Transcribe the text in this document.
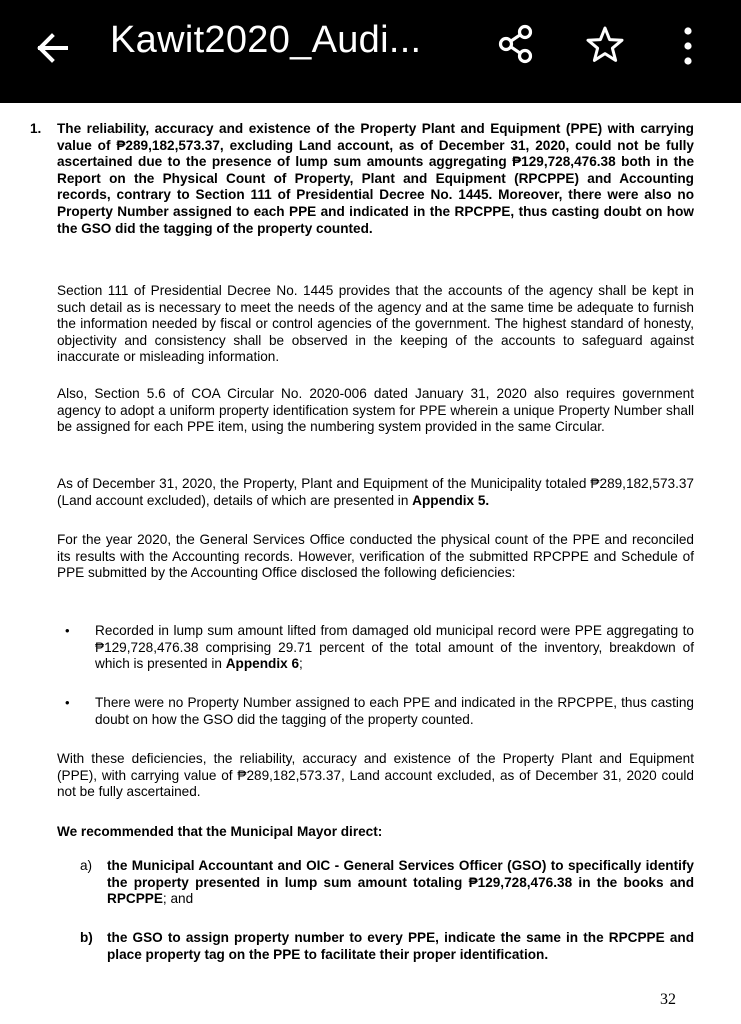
Kawit2020_Audi...
1. The reliability, accuracy and existence of the Property Plant and Equipment (PPE) with carrying value of ₱289,182,573.37, excluding Land account, as of December 31, 2020, could not be fully ascertained due to the presence of lump sum amounts aggregating ₱129,728,476.38 both in the Report on the Physical Count of Property, Plant and Equipment (RPCPPE) and Accounting records, contrary to Section 111 of Presidential Decree No. 1445. Moreover, there were also no Property Number assigned to each PPE and indicated in the RPCPPE, thus casting doubt on how the GSO did the tagging of the property counted.
Section 111 of Presidential Decree No. 1445 provides that the accounts of the agency shall be kept in such detail as is necessary to meet the needs of the agency and at the same time be adequate to furnish the information needed by fiscal or control agencies of the government. The highest standard of honesty, objectivity and consistency shall be observed in the keeping of the accounts to safeguard against inaccurate or misleading information.
Also, Section 5.6 of COA Circular No. 2020-006 dated January 31, 2020 also requires government agency to adopt a uniform property identification system for PPE wherein a unique Property Number shall be assigned for each PPE item, using the numbering system provided in the same Circular.
As of December 31, 2020, the Property, Plant and Equipment of the Municipality totaled ₱289,182,573.37 (Land account excluded), details of which are presented in Appendix 5.
For the year 2020, the General Services Office conducted the physical count of the PPE and reconciled its results with the Accounting records. However, verification of the submitted RPCPPE and Schedule of PPE submitted by the Accounting Office disclosed the following deficiencies:
•	Recorded in lump sum amount lifted from damaged old municipal record were PPE aggregating to ₱129,728,476.38 comprising 29.71 percent of the total amount of the inventory, breakdown of which is presented in Appendix 6;
•	There were no Property Number assigned to each PPE and indicated in the RPCPPE, thus casting doubt on how the GSO did the tagging of the property counted.
With these deficiencies, the reliability, accuracy and existence of the Property Plant and Equipment (PPE), with carrying value of ₱289,182,573.37, Land account excluded, as of December 31, 2020 could not be fully ascertained.
We recommended that the Municipal Mayor direct:
a) the Municipal Accountant and OIC - General Services Officer (GSO) to specifically identify the property presented in lump sum amount totaling ₱129,728,476.38 in the books and RPCPPE; and
b) the GSO to assign property number to every PPE, indicate the same in the RPCPPE and place property tag on the PPE to facilitate their proper identification.
32
